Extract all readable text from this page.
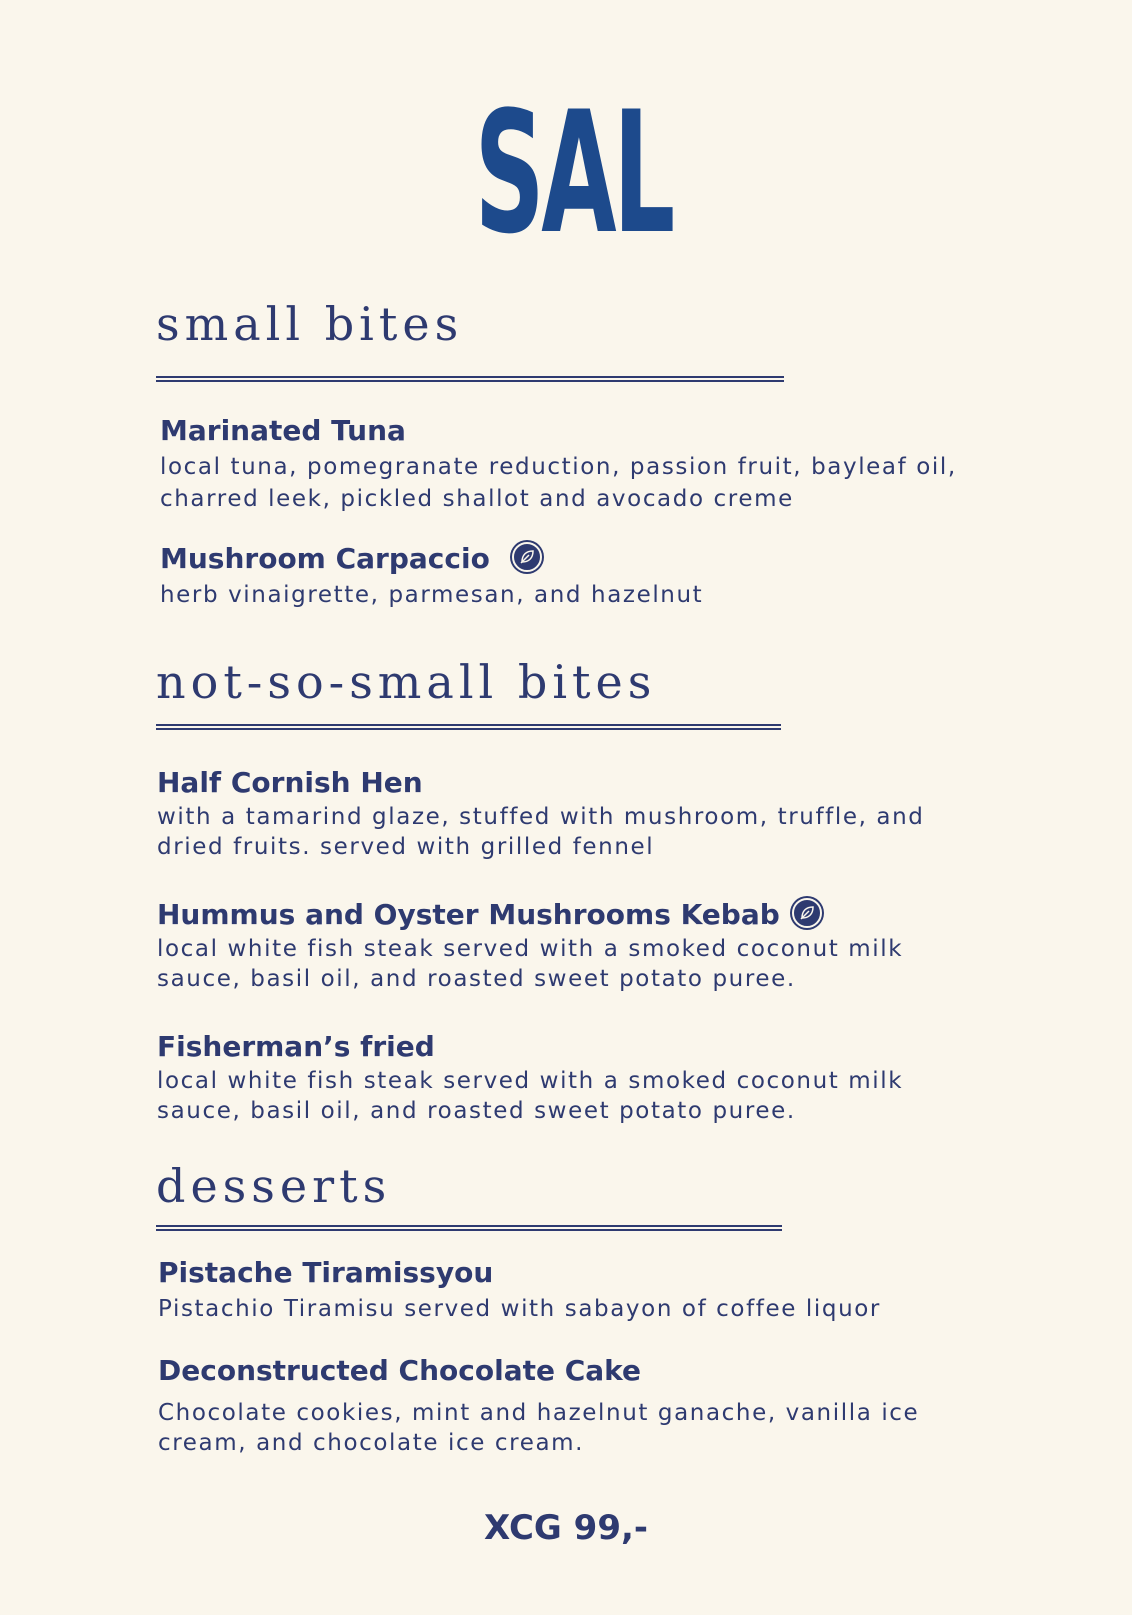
SAL
small bites
Marinated Tuna

local tuna, pomegranate reduction, passion fruit, bayleaf oil,

charred leek, pickled shallot and avocado creme

Mushroom Carpaccio

herb vinaigrette, parmesan, and hazelnut

not-so-small bites
Half Cornish Hen

with a tamarind glaze, stuffed with mushroom, truffle, and

dried fruits. served with grilled fennel

Hummus and Oyster Mushrooms Kebab

local white fish steak served with a smoked coconut milk

sauce, basil oil, and roasted sweet potato puree.

Fisherman’s fried

local white fish steak served with a smoked coconut milk

sauce, basil oil, and roasted sweet potato puree.

desserts
Pistache Tiramissyou

Pistachio Tiramisu served with sabayon of coffee liquor

Deconstructed Chocolate Cake

Chocolate cookies, mint and hazelnut ganache, vanilla ice

cream, and chocolate ice cream.

XCG 99,-
